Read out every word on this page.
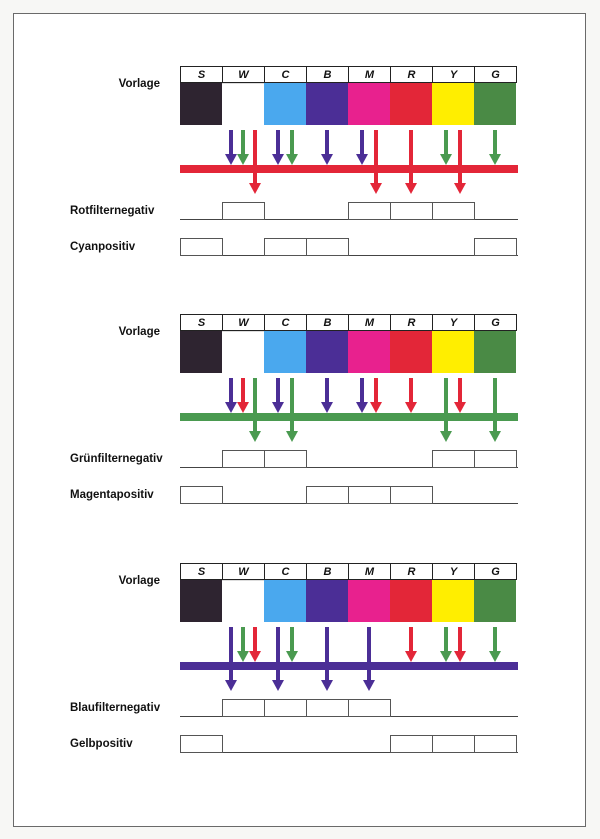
Vorlage
S	W	C	B	M	R	Y	G
Rotfilternegativ
Cyanpositiv
Vorlage
S	W	C	B	M	R	Y	G
Grünfilternegativ
Magentapositiv
Vorlage
S	W	C	B	M	R	Y	G
Blaufilternegativ
Gelbpositiv
